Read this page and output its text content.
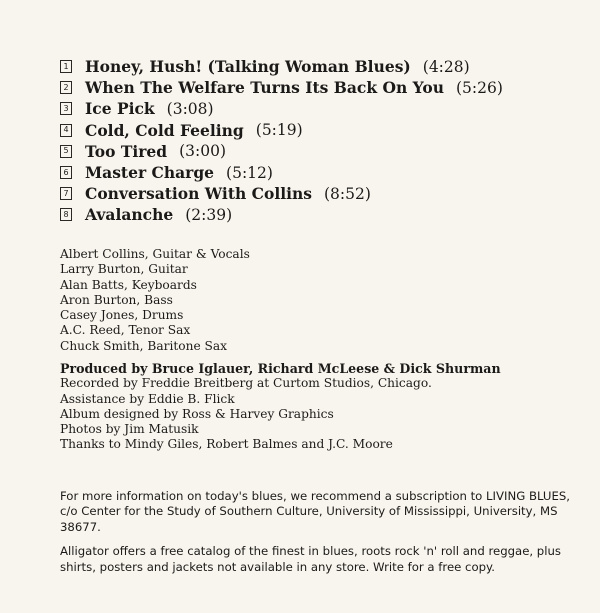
1 Honey, Hush! (Talking Woman Blues) (4:28)
2 When The Welfare Turns Its Back On You (5:26)
3 Ice Pick (3:08)
4 Cold, Cold Feeling (5:19)
5 Too Tired (3:00)
6 Master Charge (5:12)
7 Conversation With Collins (8:52)
8 Avalanche (2:39)
Albert Collins, Guitar & Vocals
Larry Burton, Guitar
Alan Batts, Keyboards
Aron Burton, Bass
Casey Jones, Drums
A.C. Reed, Tenor Sax
Chuck Smith, Baritone Sax
Produced by Bruce Iglauer, Richard McLeese & Dick Shurman
Recorded by Freddie Breitberg at Curtom Studios, Chicago.
Assistance by Eddie B. Flick
Album designed by Ross & Harvey Graphics
Photos by Jim Matusik
Thanks to Mindy Giles, Robert Balmes and J.C. Moore

For more information on today's blues, we recommend a subscription to LIVING BLUES, c/o Center for the Study of Southern Culture, University of Mississippi, University, MS 38677.

Alligator offers a free catalog of the finest in blues, roots rock 'n' roll and reggae, plus shirts, posters and jackets not available in any store. Write for a free copy.
